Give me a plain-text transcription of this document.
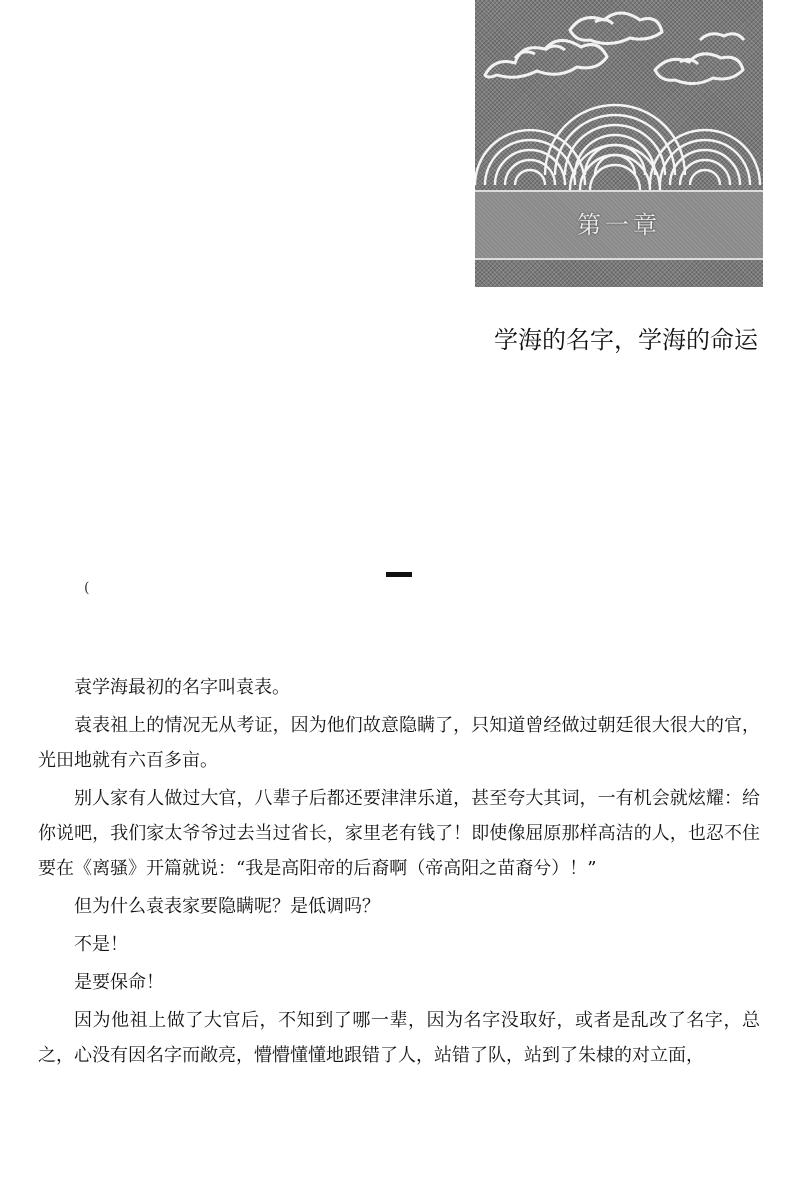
第一章
学海的名字，学海的命运
(

袁学海最初的名字叫袁表。

袁表祖上的情况无从考证，因为他们故意隐瞒了，只知道曾经做过朝廷很大很大的官，光田地就有六百多亩。

别人家有人做过大官，八辈子后都还要津津乐道，甚至夸大其词，一有机会就炫耀：给你说吧，我们家太爷爷过去当过省长，家里老有钱了！即使像屈原那样高洁的人，也忍不住要在《离骚》开篇就说：“我是高阳帝的后裔啊（帝高阳之苗裔兮）！”

但为什么袁表家要隐瞒呢？是低调吗？

不是！

是要保命！

因为他祖上做了大官后，不知到了哪一辈，因为名字没取好，或者是乱改了名字，总之，心没有因名字而敞亮，懵懵懂懂地跟错了人，站错了队，站到了朱棣的对立面，
